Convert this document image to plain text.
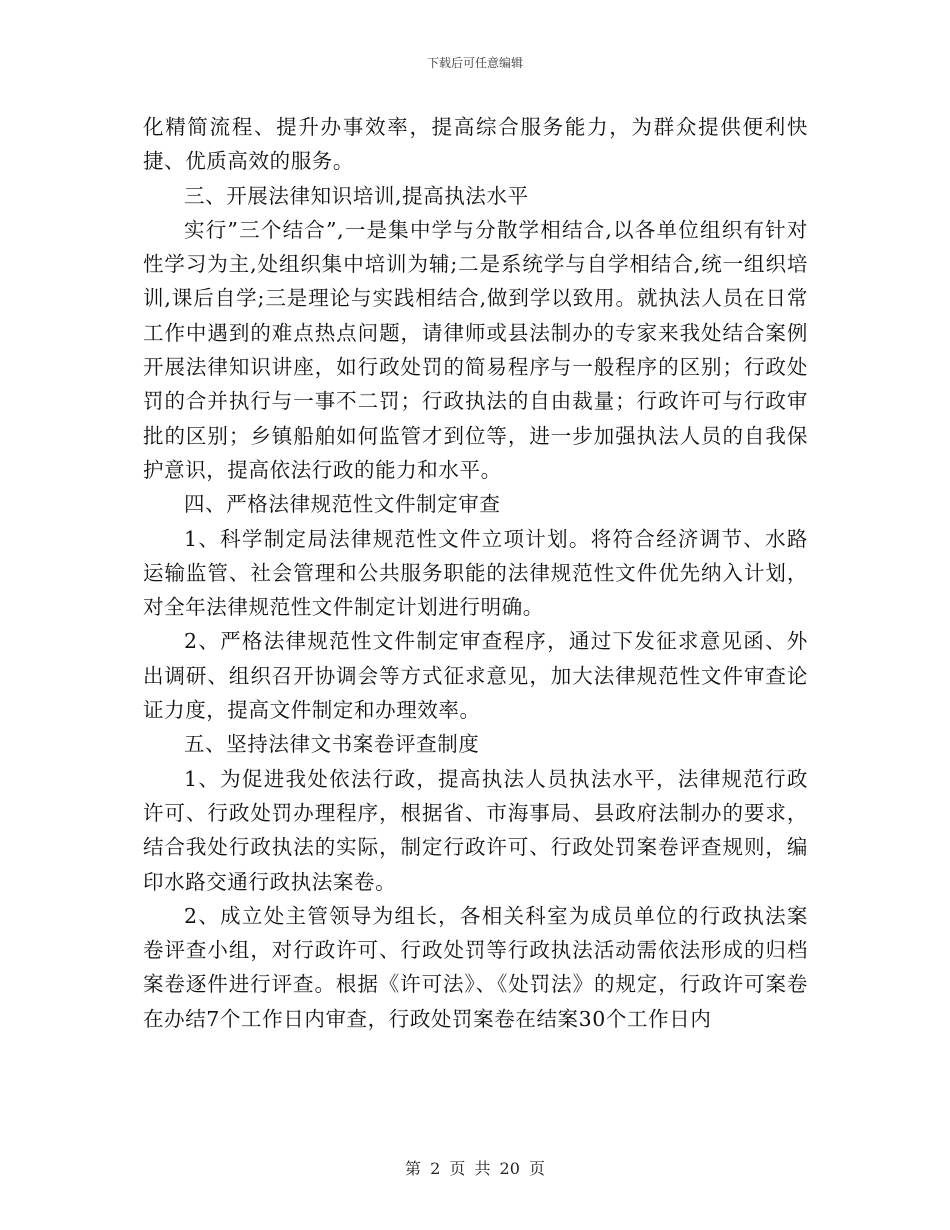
下载后可任意编辑

化精简流程、提升办事效率，提高综合服务能力，为群众提供便利快捷、优质高效的服务。

三、开展法律知识培训,提高执法水平

实行”三个结合”,一是集中学与分散学相结合,以各单位组织有针对性学习为主,处组织集中培训为辅;二是系统学与自学相结合,统一组织培训,课后自学;三是理论与实践相结合,做到学以致用。就执法人员在日常工作中遇到的难点热点问题，请律师或县法制办的专家来我处结合案例开展法律知识讲座，如行政处罚的简易程序与一般程序的区别；行政处罚的合并执行与一事不二罚；行政执法的自由裁量；行政许可与行政审批的区别；乡镇船舶如何监管才到位等，进一步加强执法人员的自我保护意识，提高依法行政的能力和水平。

四、严格法律规范性文件制定审查

1、科学制定局法律规范性文件立项计划。将符合经济调节、水路运输监管、社会管理和公共服务职能的法律规范性文件优先纳入计划，对全年法律规范性文件制定计划进行明确。

2、严格法律规范性文件制定审查程序，通过下发征求意见函、外出调研、组织召开协调会等方式征求意见，加大法律规范性文件审查论证力度，提高文件制定和办理效率。

五、坚持法律文书案卷评查制度

1、为促进我处依法行政，提高执法人员执法水平，法律规范行政许可、行政处罚办理程序，根据省、市海事局、县政府法制办的要求，结合我处行政执法的实际，制定行政许可、行政处罚案卷评查规则，编印水路交通行政执法案卷。

2、成立处主管领导为组长，各相关科室为成员单位的行政执法案卷评查小组，对行政许可、行政处罚等行政执法活动需依法形成的归档案卷逐件进行评查。根据《许可法》、《处罚法》的规定，行政许可案卷在办结7个工作日内审查，行政处罚案卷在结案30个工作日内

第 2 页 共 20 页
